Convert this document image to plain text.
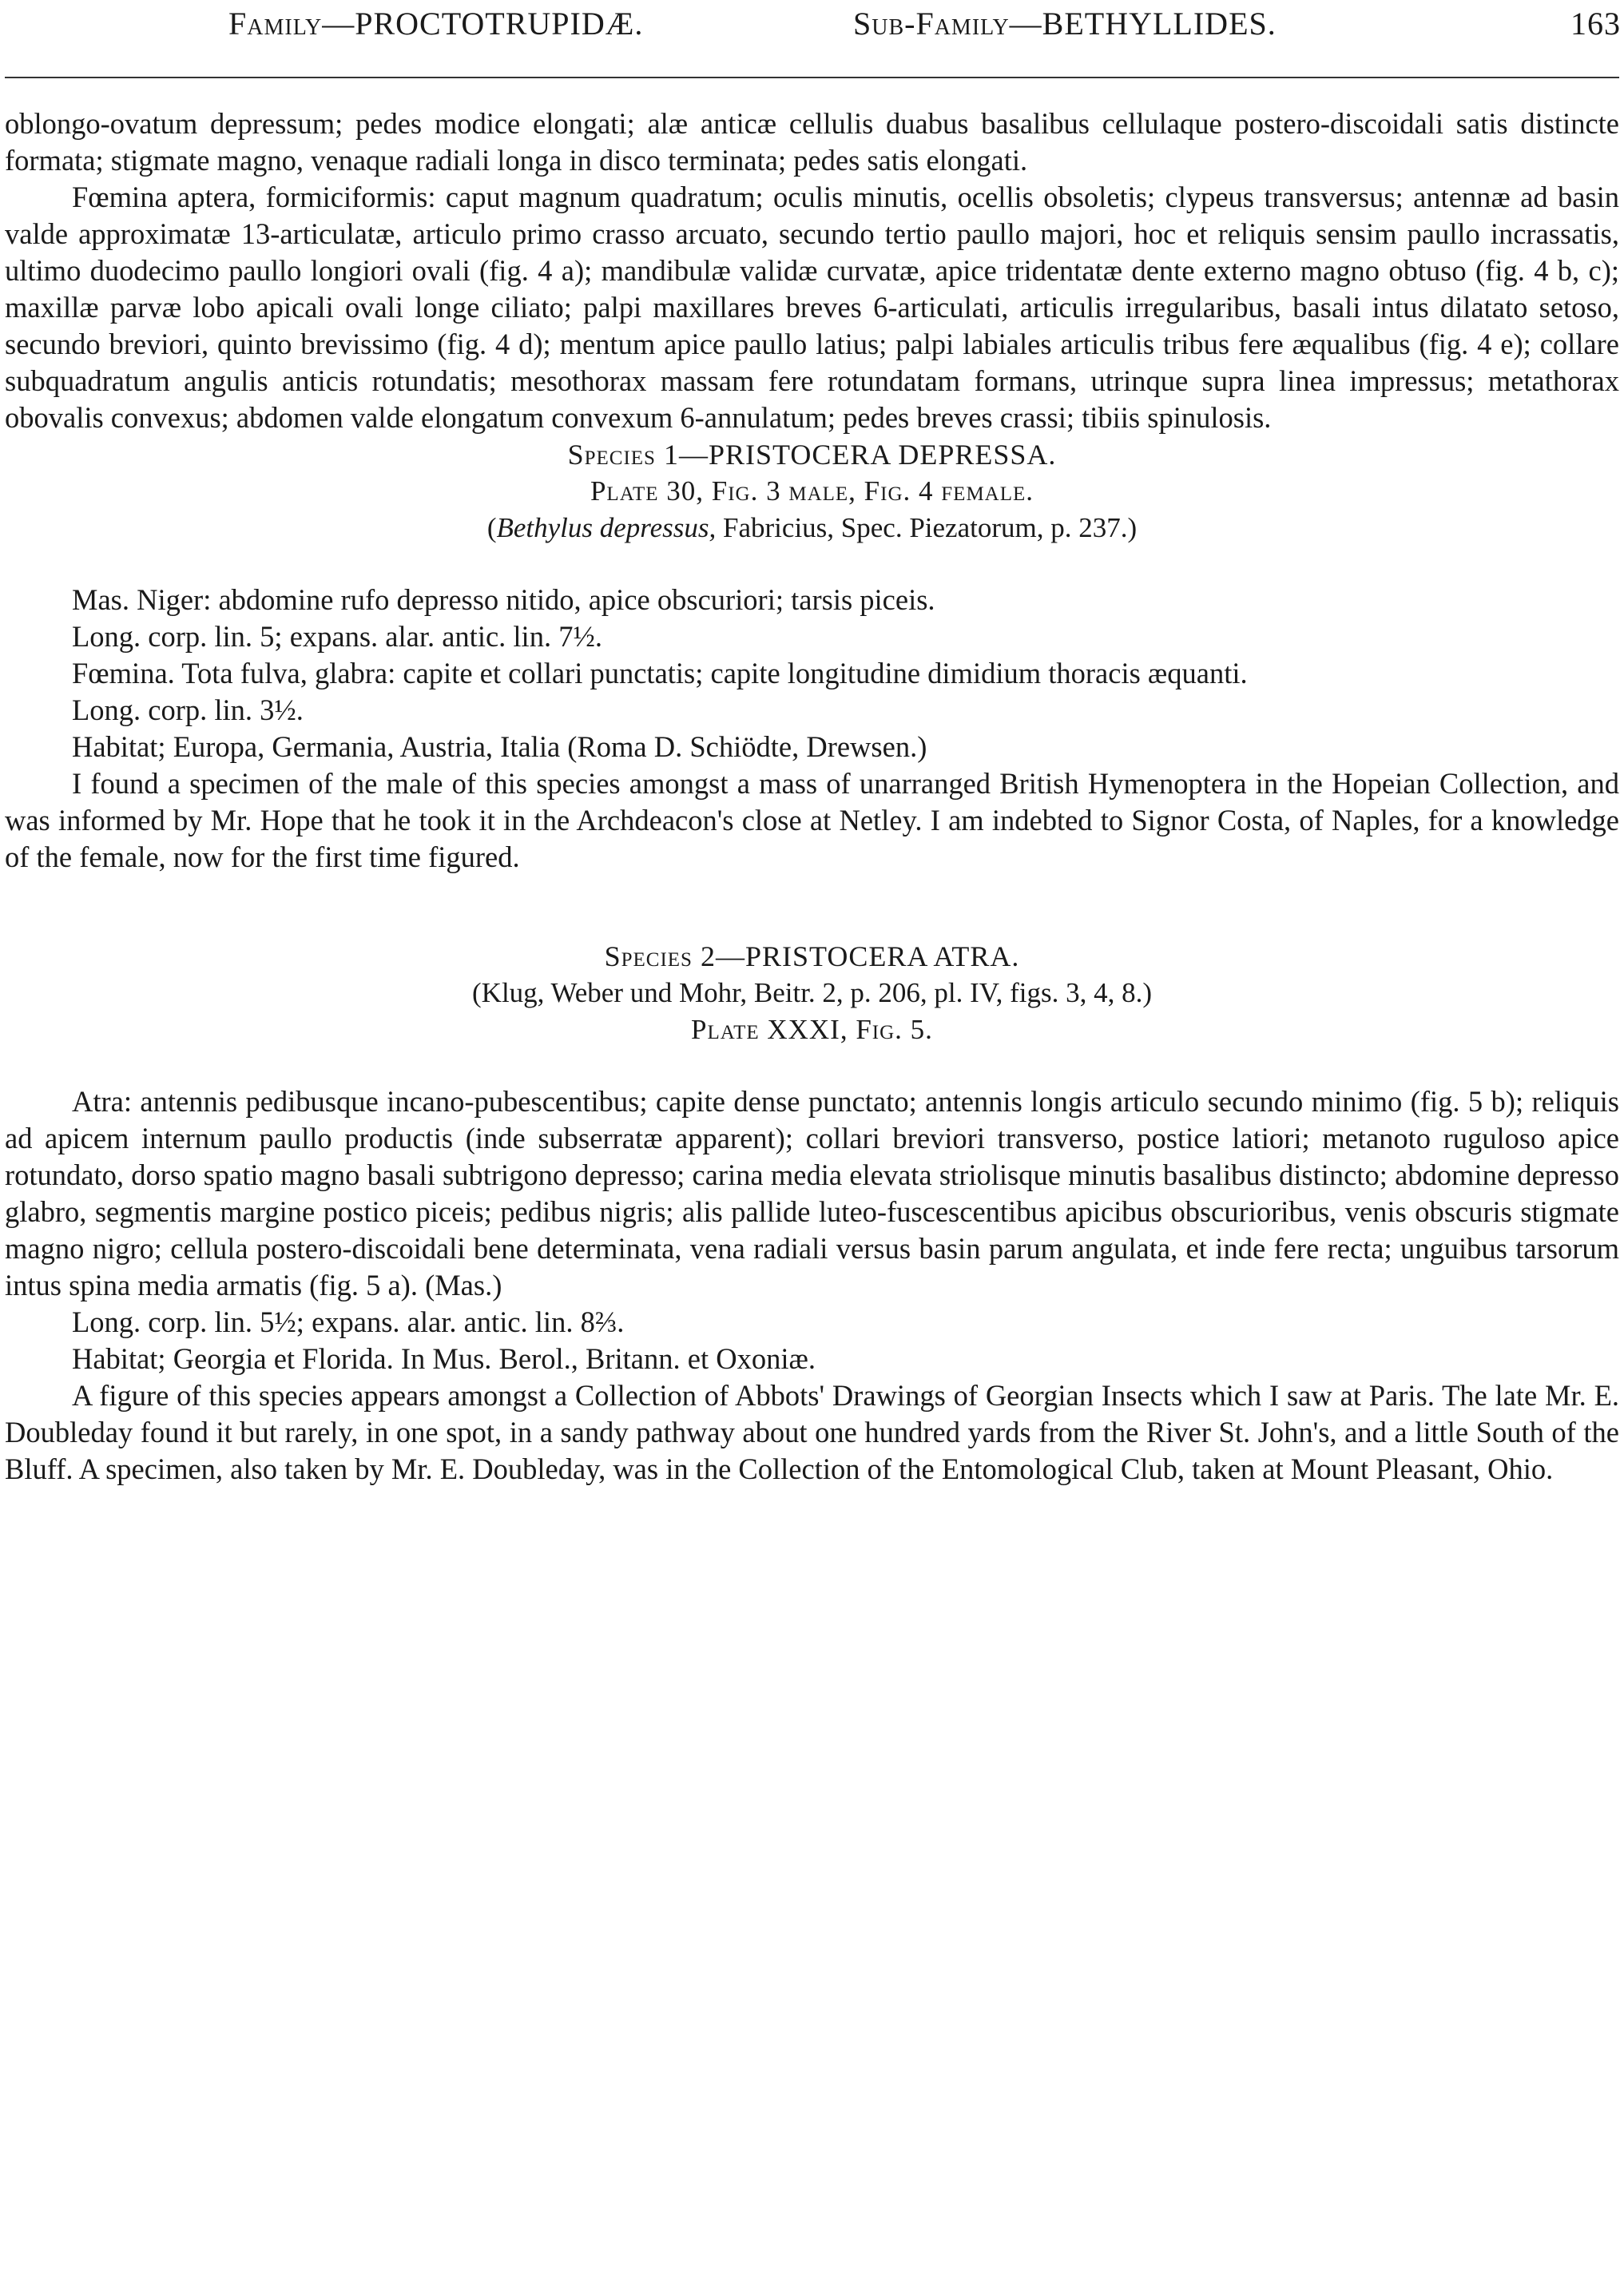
Family—PROCTOTRUPIDÆ.	Sub-Family—BETHYLLIDES.	163

oblongo-ovatum depressum; pedes modice elongati; alæ anticæ cellulis duabus basalibus cellulaque postero-discoidali satis distincte formata; stigmate magno, venaque radiali longa in disco terminata; pedes satis elongati.

Fœmina aptera, formiciformis: caput magnum quadratum; oculis minutis, ocellis obsoletis; clypeus transversus; antennæ ad basin valde approximatæ 13-articulatæ, articulo primo crasso arcuato, secundo tertio paullo majori, hoc et reliquis sensim paullo incrassatis, ultimo duodecimo paullo longiori ovali (fig. 4 a); mandibulæ validæ curvatæ, apice tridentatæ dente externo magno obtuso (fig. 4 b, c); maxillæ parvæ lobo apicali ovali longe ciliato; palpi maxillares breves 6-articulati, articulis irregularibus, basali intus dilatato setoso, secundo breviori, quinto brevissimo (fig. 4 d); mentum apice paullo latius; palpi labiales articulis tribus fere æqualibus (fig. 4 e); collare subquadratum angulis anticis rotundatis; mesothorax massam fere rotundatam formans, utrinque supra linea impressus; metathorax obovalis convexus; abdomen valde elongatum convexum 6-annulatum; pedes breves crassi; tibiis spinulosis.

Species 1—PRISTOCERA DEPRESSA.

Plate 30, Fig. 3 male, Fig. 4 female.

(Bethylus depressus, Fabricius, Spec. Piezatorum, p. 237.)

Mas. Niger: abdomine rufo depresso nitido, apice obscuriori; tarsis piceis.

Long. corp. lin. 5; expans. alar. antic. lin. 7½.

Fœmina. Tota fulva, glabra: capite et collari punctatis; capite longitudine dimidium thoracis æquanti.

Long. corp. lin. 3½.

Habitat; Europa, Germania, Austria, Italia (Roma D. Schiödte, Drewsen.)

I found a specimen of the male of this species amongst a mass of unarranged British Hymenoptera in the Hopeian Collection, and was informed by Mr. Hope that he took it in the Archdeacon's close at Netley. I am indebted to Signor Costa, of Naples, for a knowledge of the female, now for the first time figured.

Species 2—PRISTOCERA ATRA.

(Klug, Weber und Mohr, Beitr. 2, p. 206, pl. IV, figs. 3, 4, 8.)

Plate XXXI, Fig. 5.

Atra: antennis pedibusque incano-pubescentibus; capite dense punctato; antennis longis articulo secundo minimo (fig. 5 b); reliquis ad apicem internum paullo productis (inde subserratæ apparent); collari breviori transverso, postice latiori; metanoto ruguloso apice rotundato, dorso spatio magno basali subtrigono depresso; carina media elevata striolisque minutis basalibus distincto; abdomine depresso glabro, segmentis margine postico piceis; pedibus nigris; alis pallide luteo-fuscescentibus apicibus obscurioribus, venis obscuris stigmate magno nigro; cellula postero-discoidali bene determinata, vena radiali versus basin parum angulata, et inde fere recta; unguibus tarsorum intus spina media armatis (fig. 5 a). (Mas.)

Long. corp. lin. 5½; expans. alar. antic. lin. 8⅔.

Habitat; Georgia et Florida. In Mus. Berol., Britann. et Oxoniæ.

A figure of this species appears amongst a Collection of Abbots' Drawings of Georgian Insects which I saw at Paris. The late Mr. E. Doubleday found it but rarely, in one spot, in a sandy pathway about one hundred yards from the River St. John's, and a little South of the Bluff. A specimen, also taken by Mr. E. Doubleday, was in the Collection of the Entomological Club, taken at Mount Pleasant, Ohio.
